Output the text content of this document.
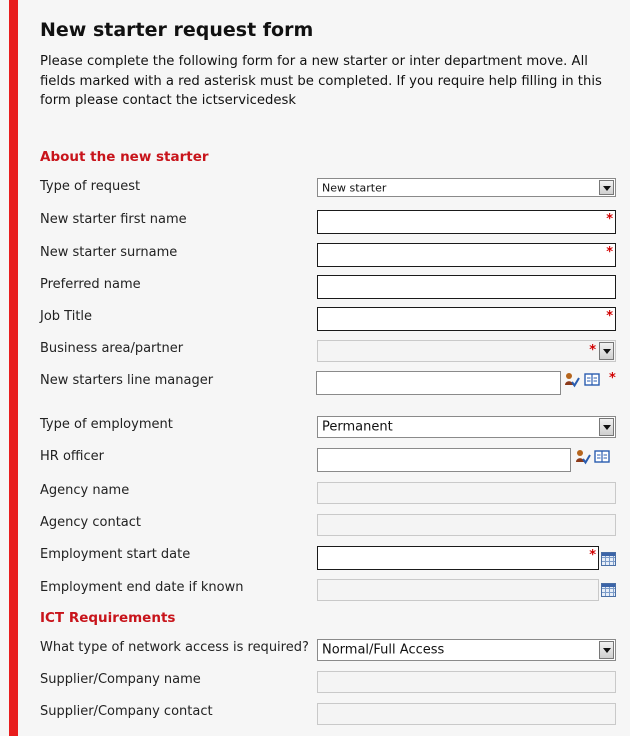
New starter request form
Please complete the following form for a new starter or inter department move. All fields marked with a red asterisk must be completed. If you require help filling in this form please contact the ictservicedesk
About the new starter
Type of request	New starter
New starter first name	*
New starter surname	*
Preferred name
Job Title	*
Business area/partner	*
New starters line manager	*
Type of employment	Permanent
HR officer
Agency name
Agency contact
Employment start date	*
Employment end date if known
ICT Requirements
What type of network access is required? Normal/Full Access
Supplier/Company name
Supplier/Company contact
